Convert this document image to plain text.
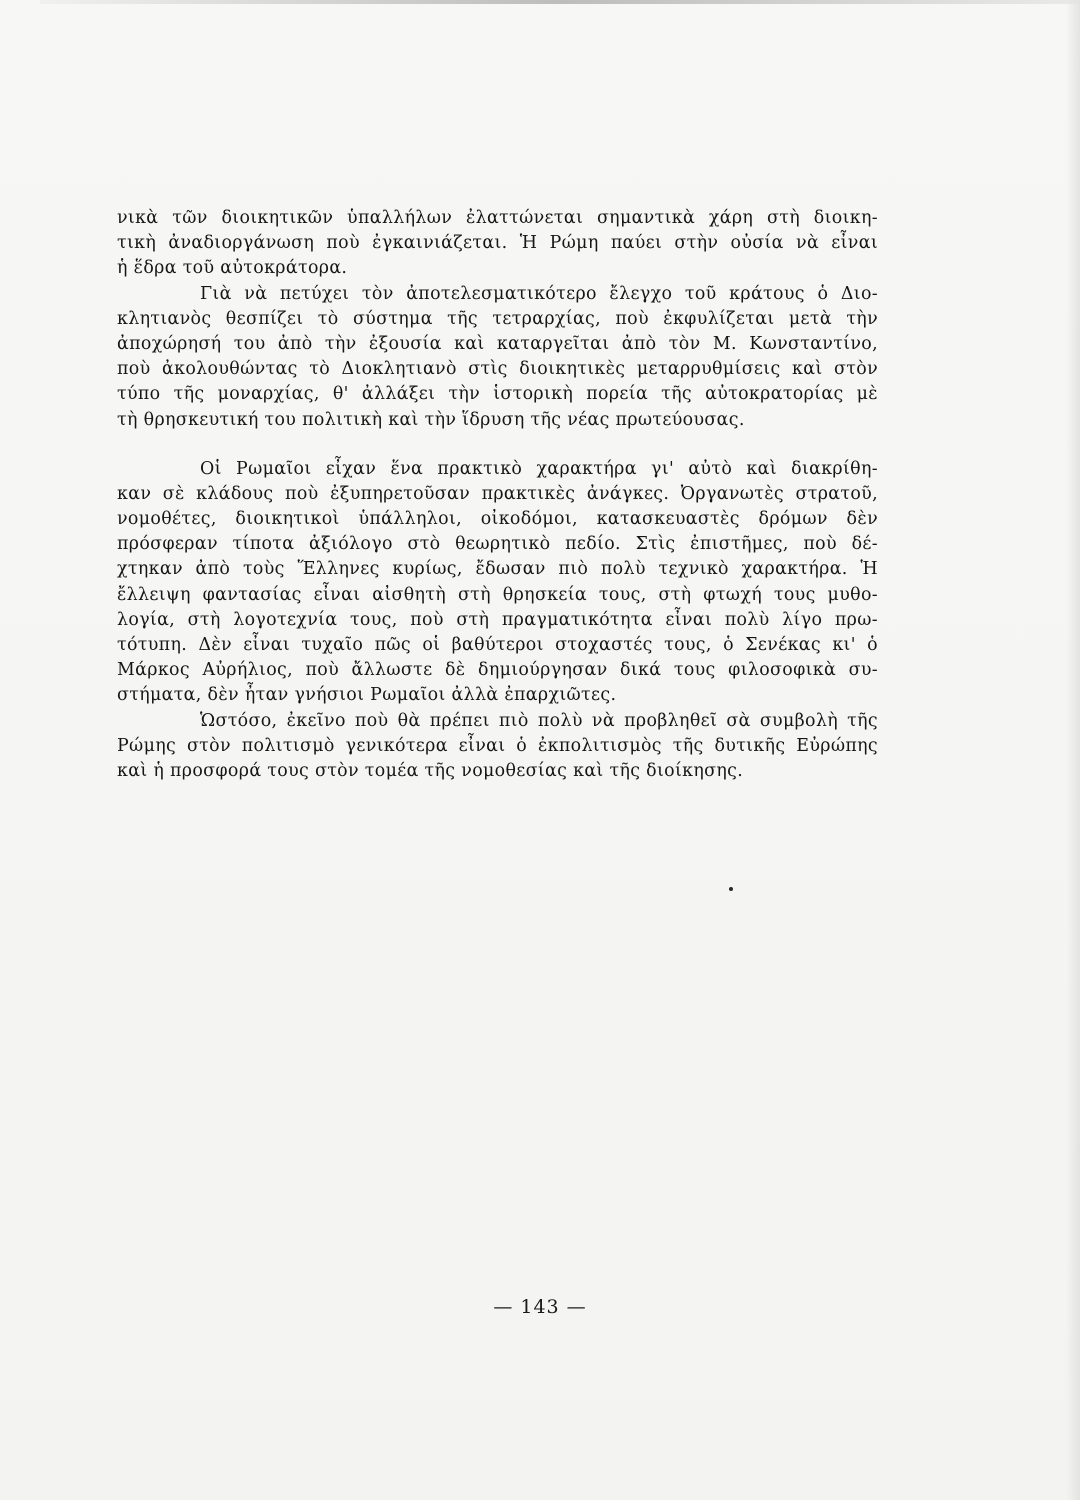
νικὰ τῶν διοικητικῶν ὑπαλλήλων ἐλαττώνεται σημαντικὰ χάρη στὴ διοικη-
τικὴ ἀναδιοργάνωση ποὺ ἐγκαινιάζεται. Ἡ Ρώμη παύει στὴν οὐσία νὰ εἶναι
ἡ ἕδρα τοῦ αὐτοκράτορα.
Γιὰ νὰ πετύχει τὸν ἀποτελεσματικότερο ἔλεγχο τοῦ κράτους ὁ Διο-
κλητιανὸς θεσπίζει τὸ σύστημα τῆς τετραρχίας, ποὺ ἐκφυλίζεται μετὰ τὴν
ἀποχώρησή του ἀπὸ τὴν ἐξουσία καὶ καταργεῖται ἀπὸ τὸν Μ. Κωνσταντίνο,
ποὺ ἀκολουθώντας τὸ Διοκλητιανὸ στὶς διοικητικὲς μεταρρυθμίσεις καὶ στὸν
τύπο τῆς μοναρχίας, θ' ἀλλάξει τὴν ἱστορικὴ πορεία τῆς αὐτοκρατορίας μὲ
τὴ θρησκευτική του πολιτικὴ καὶ τὴν ἵδρυση τῆς νέας πρωτεύουσας.
Οἱ Ρωμαῖοι εἶχαν ἕνα πρακτικὸ χαρακτήρα γι' αὐτὸ καὶ διακρίθη-
καν σὲ κλάδους ποὺ ἐξυπηρετοῦσαν πρακτικὲς ἀνάγκες. Ὀργανωτὲς στρατοῦ,
νομοθέτες, διοικητικοὶ ὑπάλληλοι, οἰκοδόμοι, κατασκευαστὲς δρόμων δὲν
πρόσφεραν τίποτα ἀξιόλογο στὸ θεωρητικὸ πεδίο. Στὶς ἐπιστῆμες, ποὺ δέ-
χτηκαν ἀπὸ τοὺς Ἕλληνες κυρίως, ἔδωσαν πιὸ πολὺ τεχνικὸ χαρακτήρα. Ἡ
ἔλλειψη φαντασίας εἶναι αἰσθητὴ στὴ θρησκεία τους, στὴ φτωχή τους μυθο-
λογία, στὴ λογοτεχνία τους, ποὺ στὴ πραγματικότητα εἶναι πολὺ λίγο πρω-
τότυπη. Δὲν εἶναι τυχαῖο πῶς οἱ βαθύτεροι στοχαστές τους, ὁ Σενέκας κι' ὁ
Μάρκος Αὐρήλιος, ποὺ ἄλλωστε δὲ δημιούργησαν δικά τους φιλοσοφικὰ συ-
στήματα, δὲν ἦταν γνήσιοι Ρωμαῖοι ἀλλὰ ἐπαρχιῶτες.
Ὡστόσο, ἐκεῖνο ποὺ θὰ πρέπει πιὸ πολὺ νὰ προβληθεῖ σὰ συμβολὴ τῆς
Ρώμης στὸν πολιτισμὸ γενικότερα εἶναι ὁ ἐκπολιτισμὸς τῆς δυτικῆς Εὐρώπης
καὶ ἡ προσφορά τους στὸν τομέα τῆς νομοθεσίας καὶ τῆς διοίκησης.
— 143 —
